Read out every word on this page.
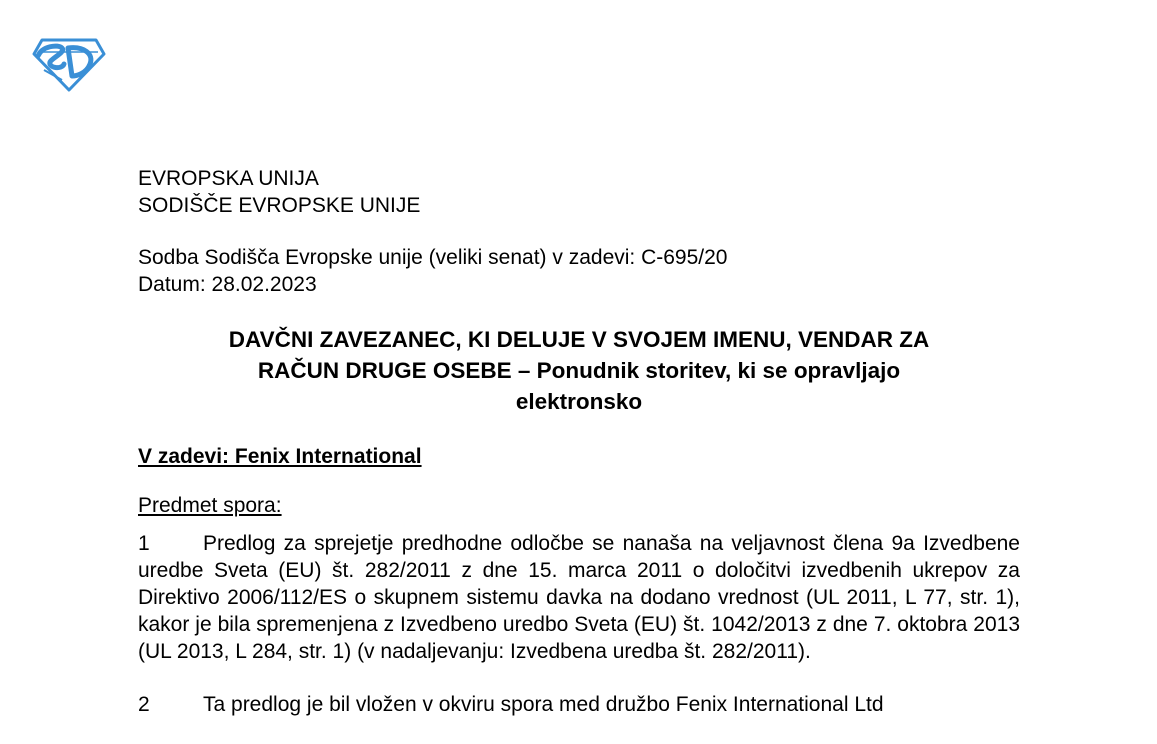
EVROPSKA UNIJA
SODIŠČE EVROPSKE UNIJE
Sodba Sodišča Evropske unije (veliki senat) v zadevi: C-695/20
Datum: 28.02.2023
DAVČNI ZAVEZANEC, KI DELUJE V SVOJEM IMENU, VENDAR ZA
RAČUN DRUGE OSEBE – Ponudnik storitev, ki se opravljajo
elektronsko

V zadevi: Fenix International

Predmet spora:

1	Predlog za sprejetje predhodne odločbe se nanaša na veljavnost člena 9a Izvedbene uredbe Sveta (EU) št. 282/2011 z dne 15. marca 2011 o določitvi izvedbenih ukrepov za Direktivo 2006/112/ES o skupnem sistemu davka na dodano vrednost (UL 2011, L 77, str. 1), kakor je bila spremenjena z Izvedbeno uredbo Sveta (EU) št. 1042/2013 z dne 7. oktobra 2013 (UL 2013, L 284, str. 1) (v nadaljevanju: Izvedbena uredba št. 282/2011).

2	Ta predlog je bil vložen v okviru spora med družbo Fenix International Ltd
